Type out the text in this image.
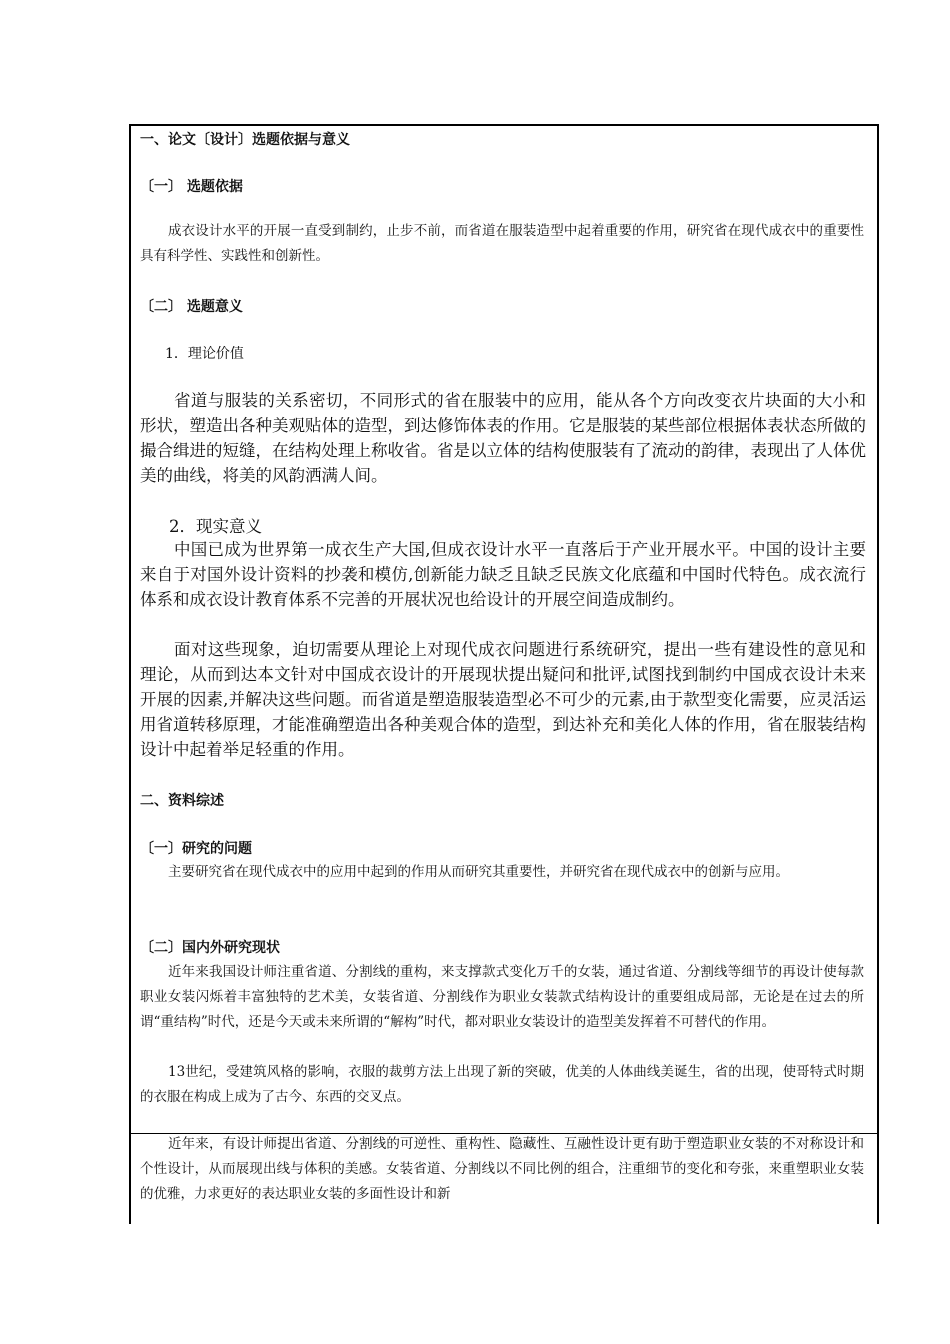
一、论文〔设计〕选题依据与意义
〔一〕 选题依据
成衣设计水平的开展一直受到制约，止步不前，而省道在服装造型中起着重要的作用，研究省在现代成衣中的重要性具有科学性、实践性和创新性。
〔二〕 选题意义
1．理论价值
省道与服装的关系密切，不同形式的省在服装中的应用，能从各个方向改变衣片块面的大小和形状，塑造出各种美观贴体的造型，到达修饰体表的作用。它是服装的某些部位根据体表状态所做的撮合缉进的短缝，在结构处理上称收省。省是以立体的结构使服装有了流动的韵律，表现出了人体优美的曲线，将美的风韵洒满人间。
2．现实意义
中国已成为世界第一成衣生产大国,但成衣设计水平一直落后于产业开展水平。中国的设计主要来自于对国外设计资料的抄袭和模仿,创新能力缺乏且缺乏民族文化底蕴和中国时代特色。成衣流行体系和成衣设计教育体系不完善的开展状况也给设计的开展空间造成制约。
面对这些现象，迫切需要从理论上对现代成衣问题进行系统研究，提出一些有建设性的意见和理论，从而到达本文针对中国成衣设计的开展现状提出疑问和批评,试图找到制约中国成衣设计未来开展的因素,并解决这些问题。而省道是塑造服装造型必不可少的元素,由于款型变化需要，应灵活运用省道转移原理，才能准确塑造出各种美观合体的造型，到达补充和美化人体的作用，省在服装结构设计中起着举足轻重的作用。
二、资料综述
〔一〕研究的问题
主要研究省在现代成衣中的应用中起到的作用从而研究其重要性，并研究省在现代成衣中的创新与应用。
〔二〕国内外研究现状
近年来我国设计师注重省道、分割线的重构，来支撑款式变化万千的女装，通过省道、分割线等细节的再设计使每款职业女装闪烁着丰富独特的艺术美，女装省道、分割线作为职业女装款式结构设计的重要组成局部，无论是在过去的所谓“重结构”时代，还是今天或未来所谓的“解构”时代，都对职业女装设计的造型美发挥着不可替代的作用。
13世纪，受建筑风格的影响，衣服的裁剪方法上出现了新的突破，优美的人体曲线美诞生，省的出现，使哥特式时期的衣服在构成上成为了古今、东西的交叉点。
近年来，有设计师提出省道、分割线的可逆性、重构性、隐藏性、互融性设计更有助于塑造职业女装的不对称设计和个性设计，从而展现出线与体积的美感。女装省道、分割线以不同比例的组合，注重细节的变化和夸张，来重塑职业女装的优雅，力求更好的表达职业女装的多面性设计和新
